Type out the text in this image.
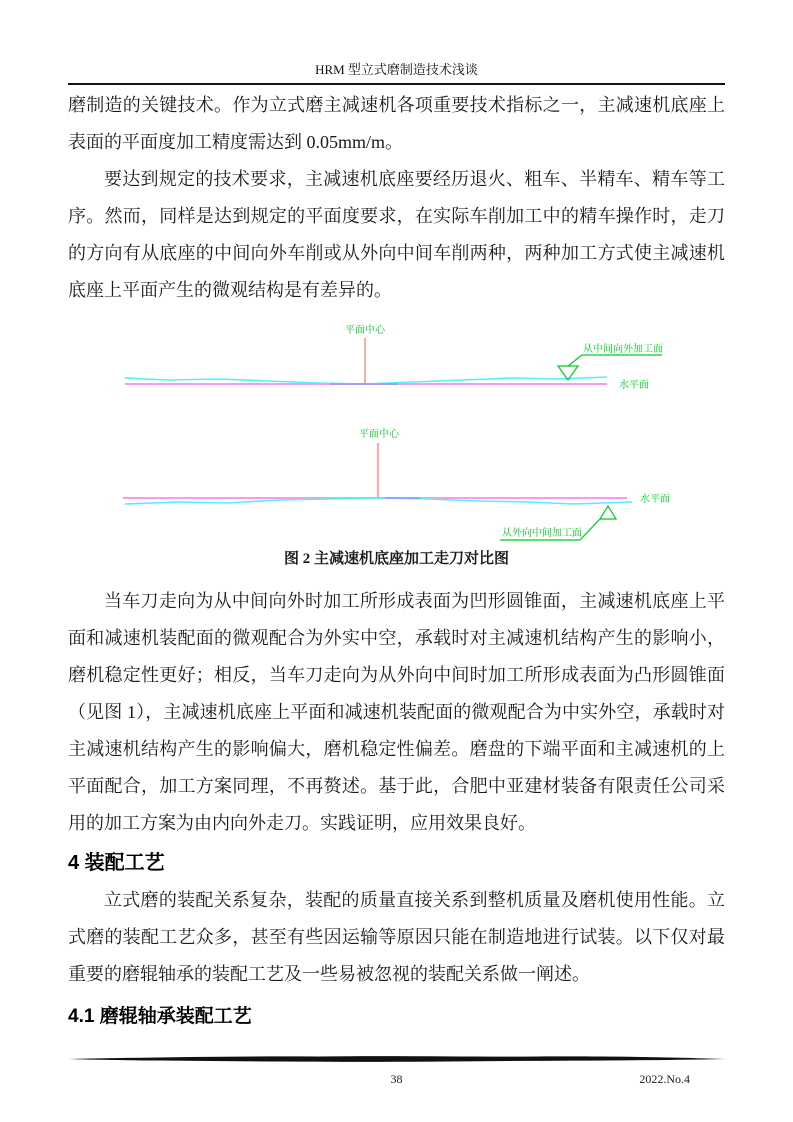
HRM 型立式磨制造技术浅谈

磨制造的关键技术。作为立式磨主减速机各项重要技术指标之一，主减速机底座上表面的平面度加工精度需达到 0.05mm/m。

要达到规定的技术要求，主减速机底座要经历退火、粗车、半精车、精车等工序。然而，同样是达到规定的平面度要求，在实际车削加工中的精车操作时，走刀的方向有从底座的中间向外车削或从外向中间车削两种，两种加工方式使主减速机底座上平面产生的微观结构是有差异的。

平面中心
从中间向外加工面
水平面
平面中心
从外向中间加工面
水平面
图 2 主减速机底座加工走刀对比图

当车刀走向为从中间向外时加工所形成表面为凹形圆锥面，主减速机底座上平面和减速机装配面的微观配合为外实中空，承载时对主减速机结构产生的影响小，磨机稳定性更好；相反，当车刀走向为从外向中间时加工所形成表面为凸形圆锥面（见图 1），主减速机底座上平面和减速机装配面的微观配合为中实外空，承载时对主减速机结构产生的影响偏大，磨机稳定性偏差。磨盘的下端平面和主减速机的上平面配合，加工方案同理，不再赘述。基于此，合肥中亚建材装备有限责任公司采用的加工方案为由内向外走刀。实践证明，应用效果良好。

4 装配工艺

立式磨的装配关系复杂，装配的质量直接关系到整机质量及磨机使用性能。立式磨的装配工艺众多，甚至有些因运输等原因只能在制造地进行试装。以下仅对最重要的磨辊轴承的装配工艺及一些易被忽视的装配关系做一阐述。

4.1 磨辊轴承装配工艺
38	2022.No.4
